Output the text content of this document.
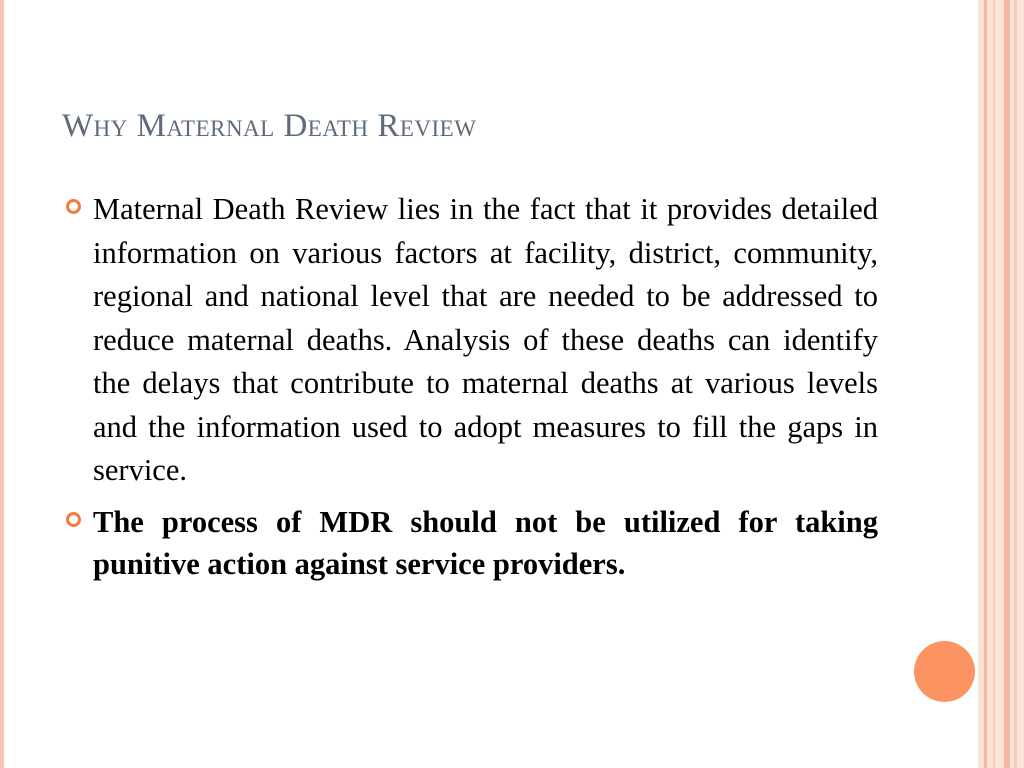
Why Maternal Death Review
Maternal Death Review lies in the fact that it provides detailed information on various factors at facility, district, community, regional and national level that are needed to be addressed to reduce maternal deaths. Analysis of these deaths can identify the delays that contribute to maternal deaths at various levels and the information used to adopt measures to fill the gaps in service.
The process of MDR should not be utilized for taking punitive action against service providers.
